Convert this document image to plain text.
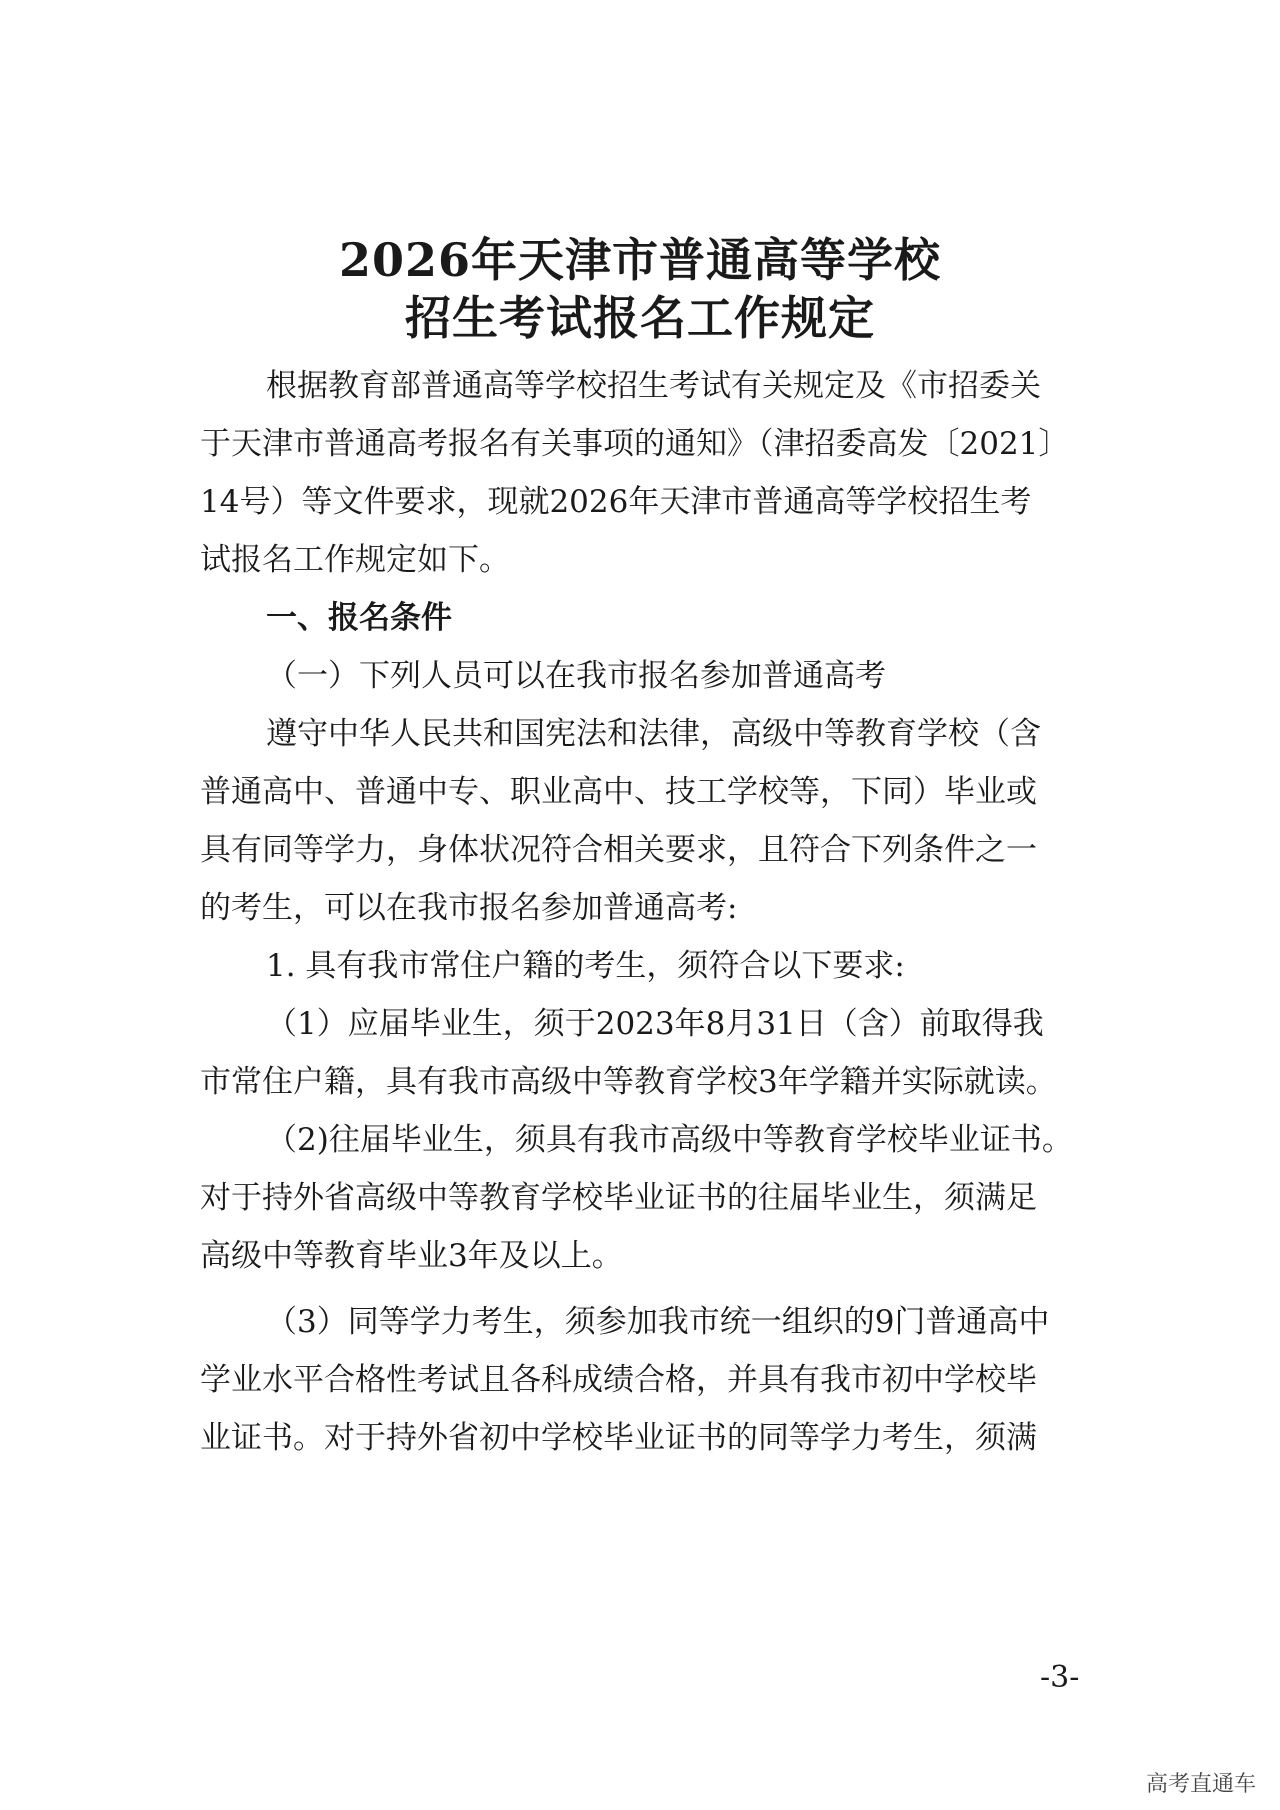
2026年天津市普通高等学校
招生考试报名工作规定
根据教育部普通高等学校招生考试有关规定及《市招委关
于天津市普通高考报名有关事项的通知》（津招委高发〔2021〕
14号）等文件要求，现就2026年天津市普通高等学校招生考
试报名工作规定如下。
一、报名条件
（一）下列人员可以在我市报名参加普通高考
遵守中华人民共和国宪法和法律，高级中等教育学校（含
普通高中、普通中专、职业高中、技工学校等，下同）毕业或
具有同等学力，身体状况符合相关要求，且符合下列条件之一
的考生，可以在我市报名参加普通高考:
1. 具有我市常住户籍的考生，须符合以下要求:
（1）应届毕业生，须于2023年8月31日（含）前取得我
市常住户籍，具有我市高级中等教育学校3年学籍并实际就读。
（2)往届毕业生，须具有我市高级中等教育学校毕业证书。
对于持外省高级中等教育学校毕业证书的往届毕业生，须满足
高级中等教育毕业3年及以上。
（3）同等学力考生，须参加我市统一组织的9门普通高中
学业水平合格性考试且各科成绩合格，并具有我市初中学校毕
业证书。对于持外省初中学校毕业证书的同等学力考生，须满
-3-
高考直通车
